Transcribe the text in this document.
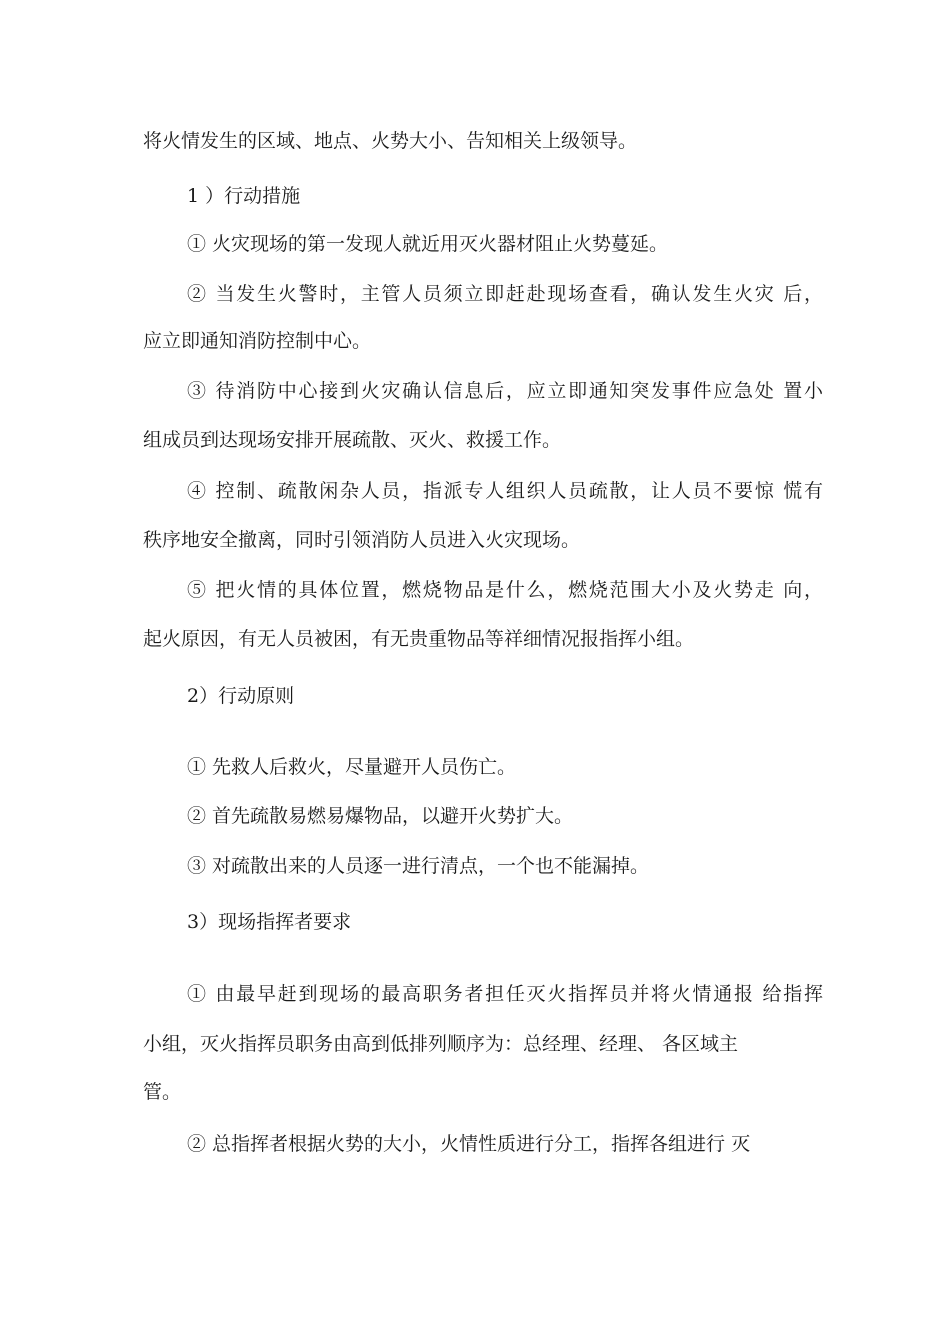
将火情发生的区域、地点、火势大小、告知相关上级领导。
1 ）行动措施
① 火灾现场的第一发现人就近用灭火器材阻止火势蔓延。
② 当发生火警时，主管人员须立即赶赴现场查看，确认发生火灾 后，
应立即通知消防控制中心。
③ 待消防中心接到火灾确认信息后，应立即通知突发事件应急处 置小
组成员到达现场安排开展疏散、灭火、救援工作。
④ 控制、疏散闲杂人员，指派专人组织人员疏散，让人员不要惊 慌有
秩序地安全撤离，同时引领消防人员进入火灾现场。
⑤ 把火情的具体位置，燃烧物品是什么，燃烧范围大小及火势走 向，
起火原因，有无人员被困，有无贵重物品等祥细情况报指挥小组。
2）行动原则
① 先救人后救火，尽量避开人员伤亡。
② 首先疏散易燃易爆物品，以避开火势扩大。
③ 对疏散出来的人员逐一进行清点，一个也不能漏掉。
3）现场指挥者要求
① 由最早赶到现场的最高职务者担任灭火指挥员并将火情通报 给指挥
小组，灭火指挥员职务由高到低排列顺序为：总经理、经理、 各区域主
管。
② 总指挥者根据火势的大小，火情性质进行分工，指挥各组进行 灭
